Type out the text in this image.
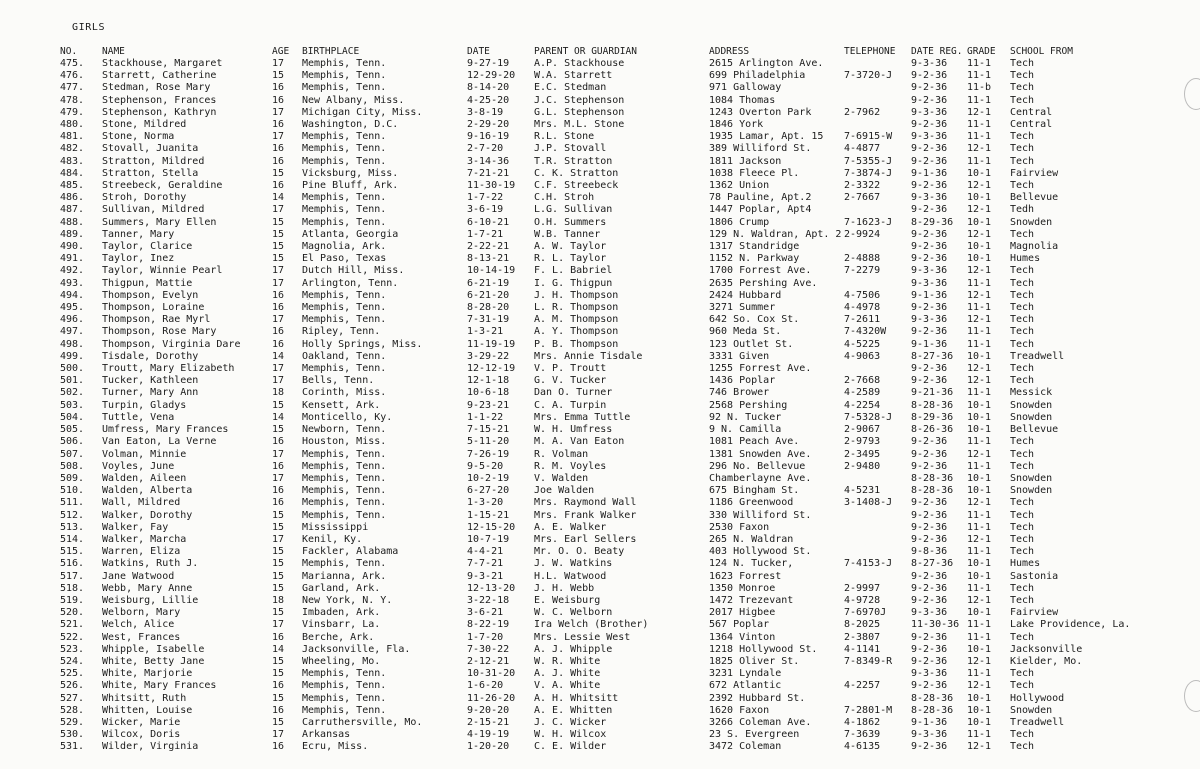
GIRLS
NO.	NAME	AGE	BIRTHPLACE	DATE	PARENT OR GUARDIAN	ADDRESS	TELEPHONE	DATE REG.	GRADE	SCHOOL FROM
475.	Stackhouse, Margaret	17	Memphis, Tenn.	9-27-19	A.P. Stackhouse	2615 Arlington Ave.		9-3-36	11-1	Tech
476.	Starrett, Catherine	15	Memphis, Tenn.	12-29-20	W.A. Starrett	699 Philadelphia	7-3720-J	9-2-36	11-1	Tech
477.	Stedman, Rose Mary	16	Memphis, Tenn.	8-14-20	E.C. Stedman	971 Galloway		9-2-36	11-b	Tech
478.	Stephenson, Frances	16	New Albany, Miss.	4-25-20	J.C. Stephenson	1084 Thomas		9-2-36	11-1	Tech
479.	Stephenson, Kathryn	17	Michigan City, Miss.	3-8-19	G.L. Stephenson	1243 Overton Park	2-7962	9-3-36	12-1	Central
480.	Stone, Mildred	16	Washington, D.C.	2-29-20	Mrs. M.L. Stone	1846 York		9-2-36	11-1	Central
481.	Stone, Norma	17	Memphis, Tenn.	9-16-19	R.L. Stone	1935 Lamar, Apt. 15	7-6915-W	9-3-36	11-1	Tech
482.	Stovall, Juanita	16	Memphis, Tenn.	2-7-20	J.P. Stovall	389 Williford St.	4-4877	9-2-36	12-1	Tech
483.	Stratton, Mildred	16	Memphis, Tenn.	3-14-36	T.R. Stratton	1811 Jackson	7-5355-J	9-2-36	11-1	Tech
484.	Stratton, Stella	15	Vicksburg, Miss.	7-21-21	C. K. Stratton	1038 Fleece Pl.	7-3874-J	9-1-36	10-1	Fairview
485.	Streebeck, Geraldine	16	Pine Bluff, Ark.	11-30-19	C.F. Streebeck	1362 Union	2-3322	9-2-36	12-1	Tech
486.	Stroh, Dorothy	14	Memphis, Tenn.	1-7-22	C.H. Stroh	78 Pauline, Apt.2	2-7667	9-3-36	10-1	Bellevue
487.	Sullivan, Mildred	17	Memphis, Tenn.	3-6-19	L.G. Sullivan	1447 Poplar, Apt4		9-2-36	12-1	Tedh
488.	Summers, Mary Ellen	15	Memphis, Tenn.	6-10-21	O.H. Summers	1806 Crump	7-1623-J	8-29-36	10-1	Snowden
489.	Tanner, Mary	15	Atlanta, Georgia	1-7-21	W.B. Tanner	129 N. Waldran, Apt. 2	2-9924	9-2-36	12-1	Tech
490.	Taylor, Clarice	15	Magnolia, Ark.	2-22-21	A. W. Taylor	1317 Standridge		9-2-36	10-1	Magnolia
491.	Taylor, Inez	15	El Paso, Texas	8-13-21	R. L. Taylor	1152 N. Parkway	2-4888	9-2-36	10-1	Humes
492.	Taylor, Winnie Pearl	17	Dutch Hill, Miss.	10-14-19	F. L. Babriel	1700 Forrest Ave.	7-2279	9-3-36	12-1	Tech
493.	Thigpun, Mattie	17	Arlington, Tenn.	6-21-19	I. G. Thigpun	2635 Pershing Ave.		9-3-36	11-1	Tech
494.	Thompson, Evelyn	16	Memphis, Tenn.	6-21-20	J. H. Thompson	2424 Hubbard	4-7506	9-1-36	12-1	Tech
495.	Thompson, Loraine	16	Memphis, Tenn.	8-28-20	L. R. Thompson	3271 Summer	4-4978	9-2-36	11-1	Tech
496.	Thompson, Rae Myrl	17	Memphis, Tenn.	7-31-19	A. M. Thompson	642 So. Cox St.	7-2611	9-3-36	12-1	Tech
497.	Thompson, Rose Mary	16	Ripley, Tenn.	1-3-21	A. Y. Thompson	960 Meda St.	7-4320W	9-2-36	11-1	Tech
498.	Thompson, Virginia Dare	16	Holly Springs, Miss.	11-19-19	P. B. Thompson	123 Outlet St.	4-5225	9-1-36	11-1	Tech
499.	Tisdale, Dorothy	14	Oakland, Tenn.	3-29-22	Mrs. Annie Tisdale	3331 Given	4-9063	8-27-36	10-1	Treadwell
500.	Troutt, Mary Elizabeth	17	Memphis, Tenn.	12-12-19	V. P. Troutt	1255 Forrest Ave.		9-2-36	12-1	Tech
501.	Tucker, Kathleen	17	Bells, Tenn.	12-1-18	G. V. Tucker	1436 Poplar	2-7668	9-2-36	12-1	Tech
502.	Turner, Mary Ann	18	Corinth, Miss.	10-6-18	Dan O. Turner	746 Brower	4-2589	9-21-36	11-1	Messick
503.	Turpin, Gladys	15	Kensett, Ark.	9-23-21	C. A. Turpin	2568 Pershing	4-2254	8-28-36	10-1	Snowden
504.	Tuttle, Vena	14	Monticello, Ky.	1-1-22	Mrs. Emma Tuttle	92 N. Tucker	7-5328-J	8-29-36	10-1	Snowden
505.	Umfress, Mary Frances	15	Newborn, Tenn.	7-15-21	W. H. Umfress	9 N. Camilla	2-9067	8-26-36	10-1	Bellevue
506.	Van Eaton, La Verne	16	Houston, Miss.	5-11-20	M. A. Van Eaton	1081 Peach Ave.	2-9793	9-2-36	11-1	Tech
507.	Volman, Minnie	17	Memphis, Tenn.	7-26-19	R. Volman	1381 Snowden Ave.	2-3495	9-2-36	12-1	Tech
508.	Voyles, June	16	Memphis, Tenn.	9-5-20	R. M. Voyles	296 No. Bellevue	2-9480	9-2-36	11-1	Tech
509.	Walden, Aileen	17	Memphis, Tenn.	10-2-19	V. Walden	Chamberlayne Ave.		8-28-36	10-1	Snowden
510.	Walden, Alberta	16	Memphis, Tenn.	6-27-20	Joe Walden	675 Bingham St.	4-5231	8-28-36	10-1	Snowden
511.	Wall, Mildred	16	Memphis, Tenn.	1-3-20	Mrs. Raymond Wall	1186 Greenwood	3-1408-J	9-2-36	12-1	Tech
512.	Walker, Dorothy	15	Memphis, Tenn.	1-15-21	Mrs. Frank Walker	330 Williford St.		9-2-36	11-1	Tech
513.	Walker, Fay	15	Mississippi	12-15-20	A. E. Walker	2530 Faxon		9-2-36	11-1	Tech
514.	Walker, Marcha	17	Kenil, Ky.	10-7-19	Mrs. Earl Sellers	265 N. Waldran		9-2-36	12-1	Tech
515.	Warren, Eliza	15	Fackler, Alabama	4-4-21	Mr. O. O. Beaty	403 Hollywood St.		9-8-36	11-1	Tech
516.	Watkins, Ruth J.	15	Memphis, Tenn.	7-7-21	J. W. Watkins	124 N. Tucker,	7-4153-J	8-27-36	10-1	Humes
517.	Jane Watwood	15	Marianna, Ark.	9-3-21	H.L. Watwood	1623 Forrest		9-2-36	10-1	Sastonia
518.	Webb, Mary Anne	15	Garland, Ark.	12-13-20	J. H. Webb	1350 Monroe	2-9997	9-2-36	11-1	Tech
519.	Weisburg, Lillie	18	New York, N. Y.	3-22-18	E. Weisburg	1472 Trezevant	4-9728	9-2-36	12-1	Tech
520.	Welborn, Mary	15	Imbaden, Ark.	3-6-21	W. C. Welborn	2017 Higbee	7-6970J	9-3-36	10-1	Fairview
521.	Welch, Alice	17	Vinsbarr, La.	8-22-19	Ira Welch (Brother)	567 Poplar	8-2025	11-30-36	11-1	Lake Providence, La.
522.	West, Frances	16	Berche, Ark.	1-7-20	Mrs. Lessie West	1364 Vinton	2-3807	9-2-36	11-1	Tech
523.	Whipple, Isabelle	14	Jacksonville, Fla.	7-30-22	A. J. Whipple	1218 Hollywood St.	4-1141	9-2-36	10-1	Jacksonville
524.	White, Betty Jane	15	Wheeling, Mo.	2-12-21	W. R. White	1825 Oliver St.	7-8349-R	9-2-36	12-1	Kielder, Mo.
525.	White, Marjorie	15	Memphis, Tenn.	10-31-20	A. J. White	3231 Lyndale		9-3-36	11-1	Tech
526.	White, Mary Frances	16	Memphis, Tenn.	1-6-20	V. A. White	672 Atlantic	4-2257	9-2-36	12-1	Tech
527.	Whitsitt, Ruth	15	Memphis, Tenn.	11-26-20	A. H. Whitsitt	2392 Hubbard St.		8-28-36	10-1	Hollywood
528.	Whitten, Louise	16	Memphis, Tenn.	9-20-20	A. E. Whitten	1620 Faxon	7-2801-M	8-28-36	10-1	Snowden
529.	Wicker, Marie	15	Carruthersville, Mo.	2-15-21	J. C. Wicker	3266 Coleman Ave.	4-1862	9-1-36	10-1	Treadwell
530.	Wilcox, Doris	17	Arkansas	4-19-19	W. H. Wilcox	23 S. Evergreen	7-3639	9-3-36	11-1	Tech
531.	Wilder, Virginia	16	Ecru, Miss.	1-20-20	C. E. Wilder	3472 Coleman	4-6135	9-2-36	12-1	Tech
